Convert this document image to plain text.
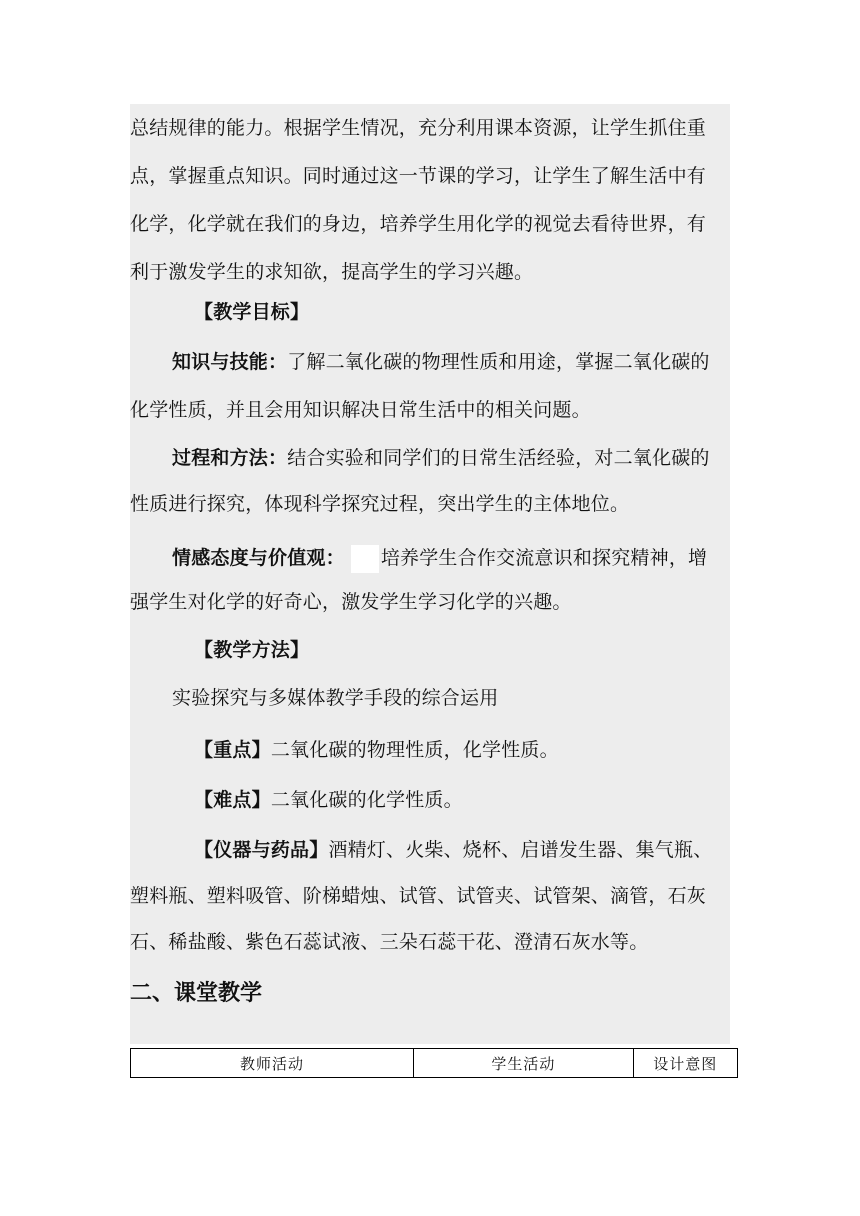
总结规律的能力。根据学生情况，充分利用课本资源，让学生抓住重

点，掌握重点知识。同时通过这一节课的学习，让学生了解生活中有

化学，化学就在我们的身边，培养学生用化学的视觉去看待世界，有

利于激发学生的求知欲，提高学生的学习兴趣。

【教学目标】

知识与技能：了解二氧化碳的物理性质和用途，掌握二氧化碳的

化学性质，并且会用知识解决日常生活中的相关问题。

过程和方法：结合实验和同学们的日常生活经验，对二氧化碳的

性质进行探究，体现科学探究过程，突出学生的主体地位。

情感态度与价值观： 培养学生合作交流意识和探究精神，增

强学生对化学的好奇心，激发学生学习化学的兴趣。

【教学方法】

实验探究与多媒体教学手段的综合运用

【重点】二氧化碳的物理性质，化学性质。

【难点】二氧化碳的化学性质。

【仪器与药品】酒精灯、火柴、烧杯、启谱发生器、集气瓶、

塑料瓶、塑料吸管、阶梯蜡烛、试管、试管夹、试管架、滴管，石灰

石、稀盐酸、紫色石蕊试液、三朵石蕊干花、澄清石灰水等。

二、课堂教学
教师活动	学生活动	设计意图
